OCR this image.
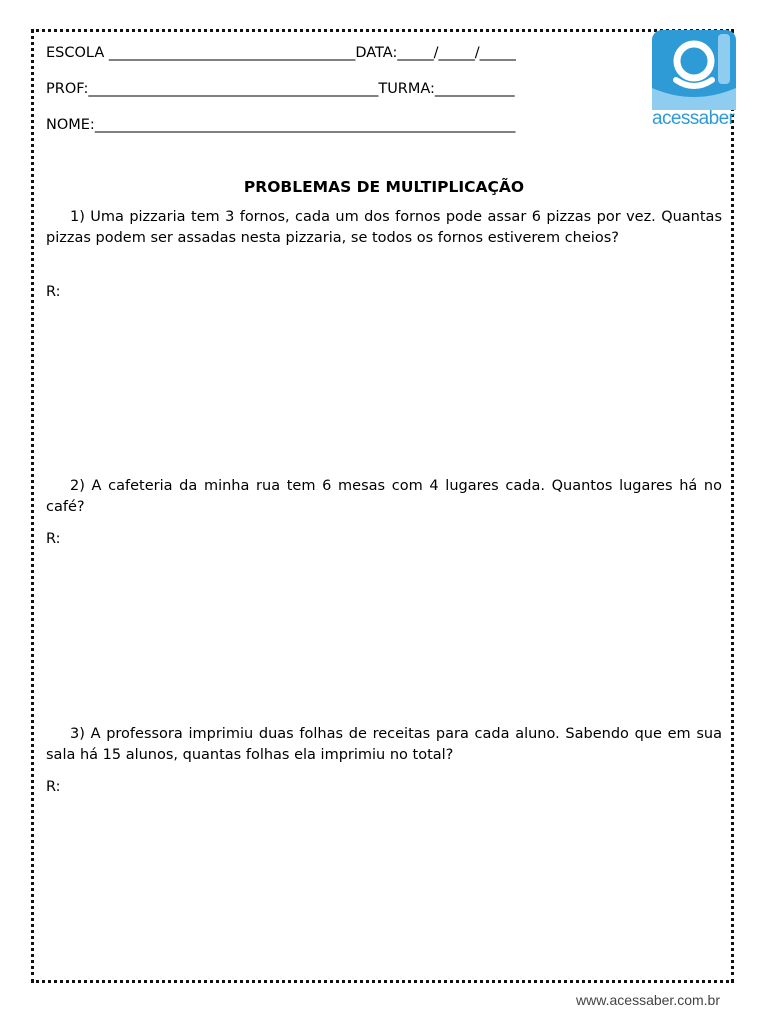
ESCOLA __________________________________DATA:_____/_____/_____
PROF:________________________________________TURMA:___________
NOME:__________________________________________________________	acessaber
PROBLEMAS DE MULTIPLICAÇÃO
1) Uma pizzaria tem 3 fornos, cada um dos fornos pode assar 6 pizzas por vez. Quantas pizzas podem ser assadas nesta pizzaria, se todos os fornos estiverem cheios?
R:
2) A cafeteria da minha rua tem 6 mesas com 4 lugares cada. Quantos lugares há no café?
R:
3) A professora imprimiu duas folhas de receitas para cada aluno. Sabendo que em sua sala há 15 alunos, quantas folhas ela imprimiu no total?
R:
www.acessaber.com.br
